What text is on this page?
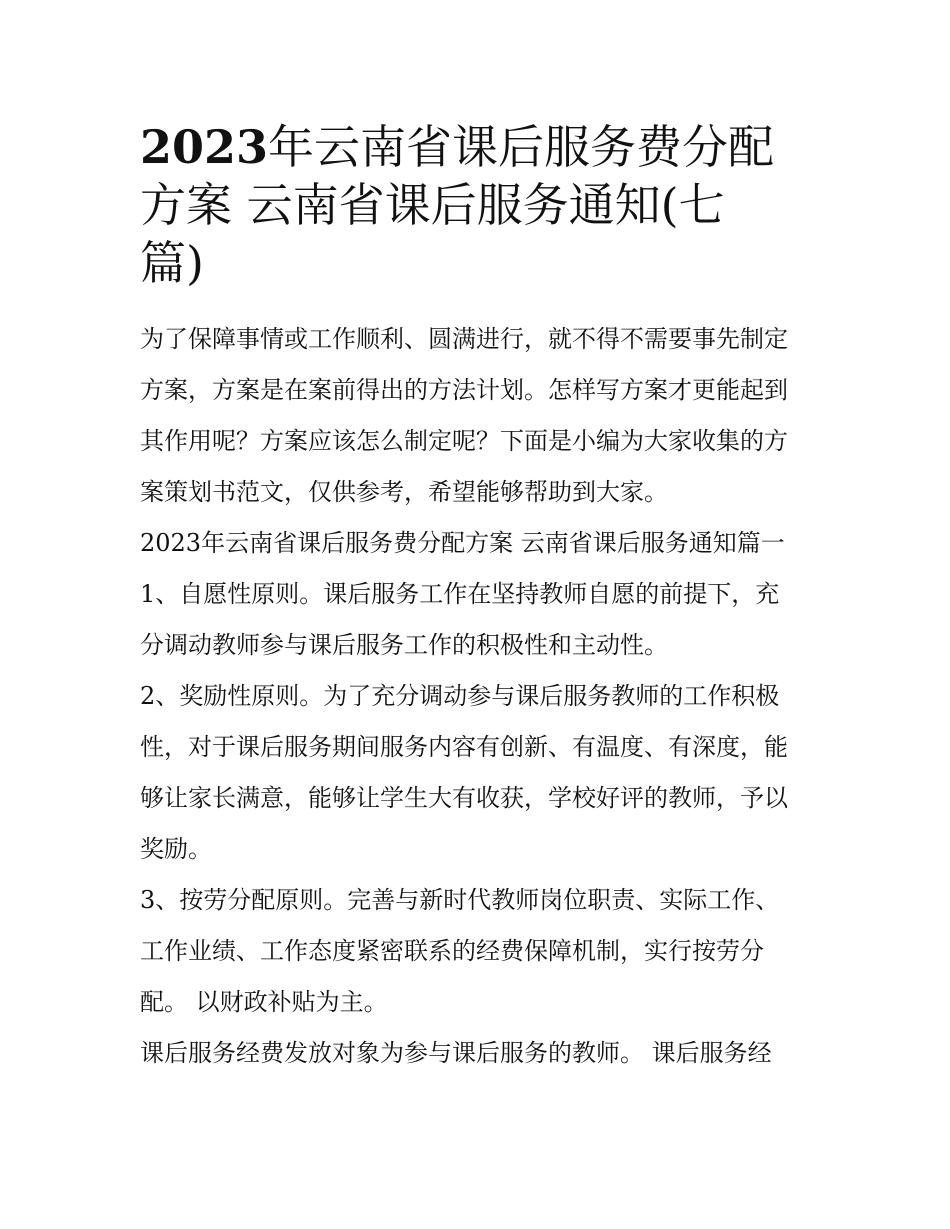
2023年云南省课后服务费分配
方案 云南省课后服务通知(七
篇)

为了保障事情或工作顺利、圆满进行，就不得不需要事先制定
方案，方案是在案前得出的方法计划。怎样写方案才更能起到
其作用呢？方案应该怎么制定呢？下面是小编为大家收集的方
案策划书范文，仅供参考，希望能够帮助到大家。

2023年云南省课后服务费分配方案 云南省课后服务通知篇一

1、自愿性原则。课后服务工作在坚持教师自愿的前提下，充
分调动教师参与课后服务工作的积极性和主动性。

2、奖励性原则。为了充分调动参与课后服务教师的工作积极
性，对于课后服务期间服务内容有创新、有温度、有深度，能
够让家长满意，能够让学生大有收获，学校好评的教师，予以
奖励。

3、按劳分配原则。完善与新时代教师岗位职责、实际工作、
工作业绩、工作态度紧密联系的经费保障机制，实行按劳分
配。 以财政补贴为主。

课后服务经费发放对象为参与课后服务的教师。 课后服务经
